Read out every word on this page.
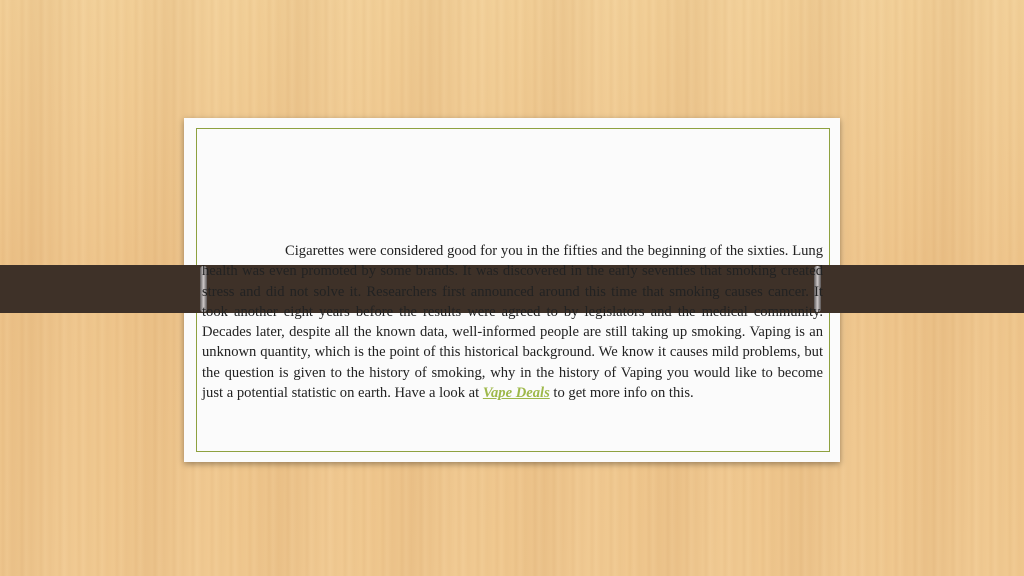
Cigarettes were considered good for you in the fifties and the beginning of the sixties. Lung health was even promoted by some brands. It was discovered in the early seventies that smoking created stress and did not solve it. Researchers first announced around this time that smoking causes cancer. It took another eight years before the results were agreed to by legislators and the medical community. Decades later, despite all the known data, well-informed people are still taking up smoking. Vaping is an unknown quantity, which is the point of this historical background. We know it causes mild problems, but the question is given to the history of smoking, why in the history of Vaping you would like to become just a potential statistic on earth. Have a look at Vape Deals to get more info on this.
